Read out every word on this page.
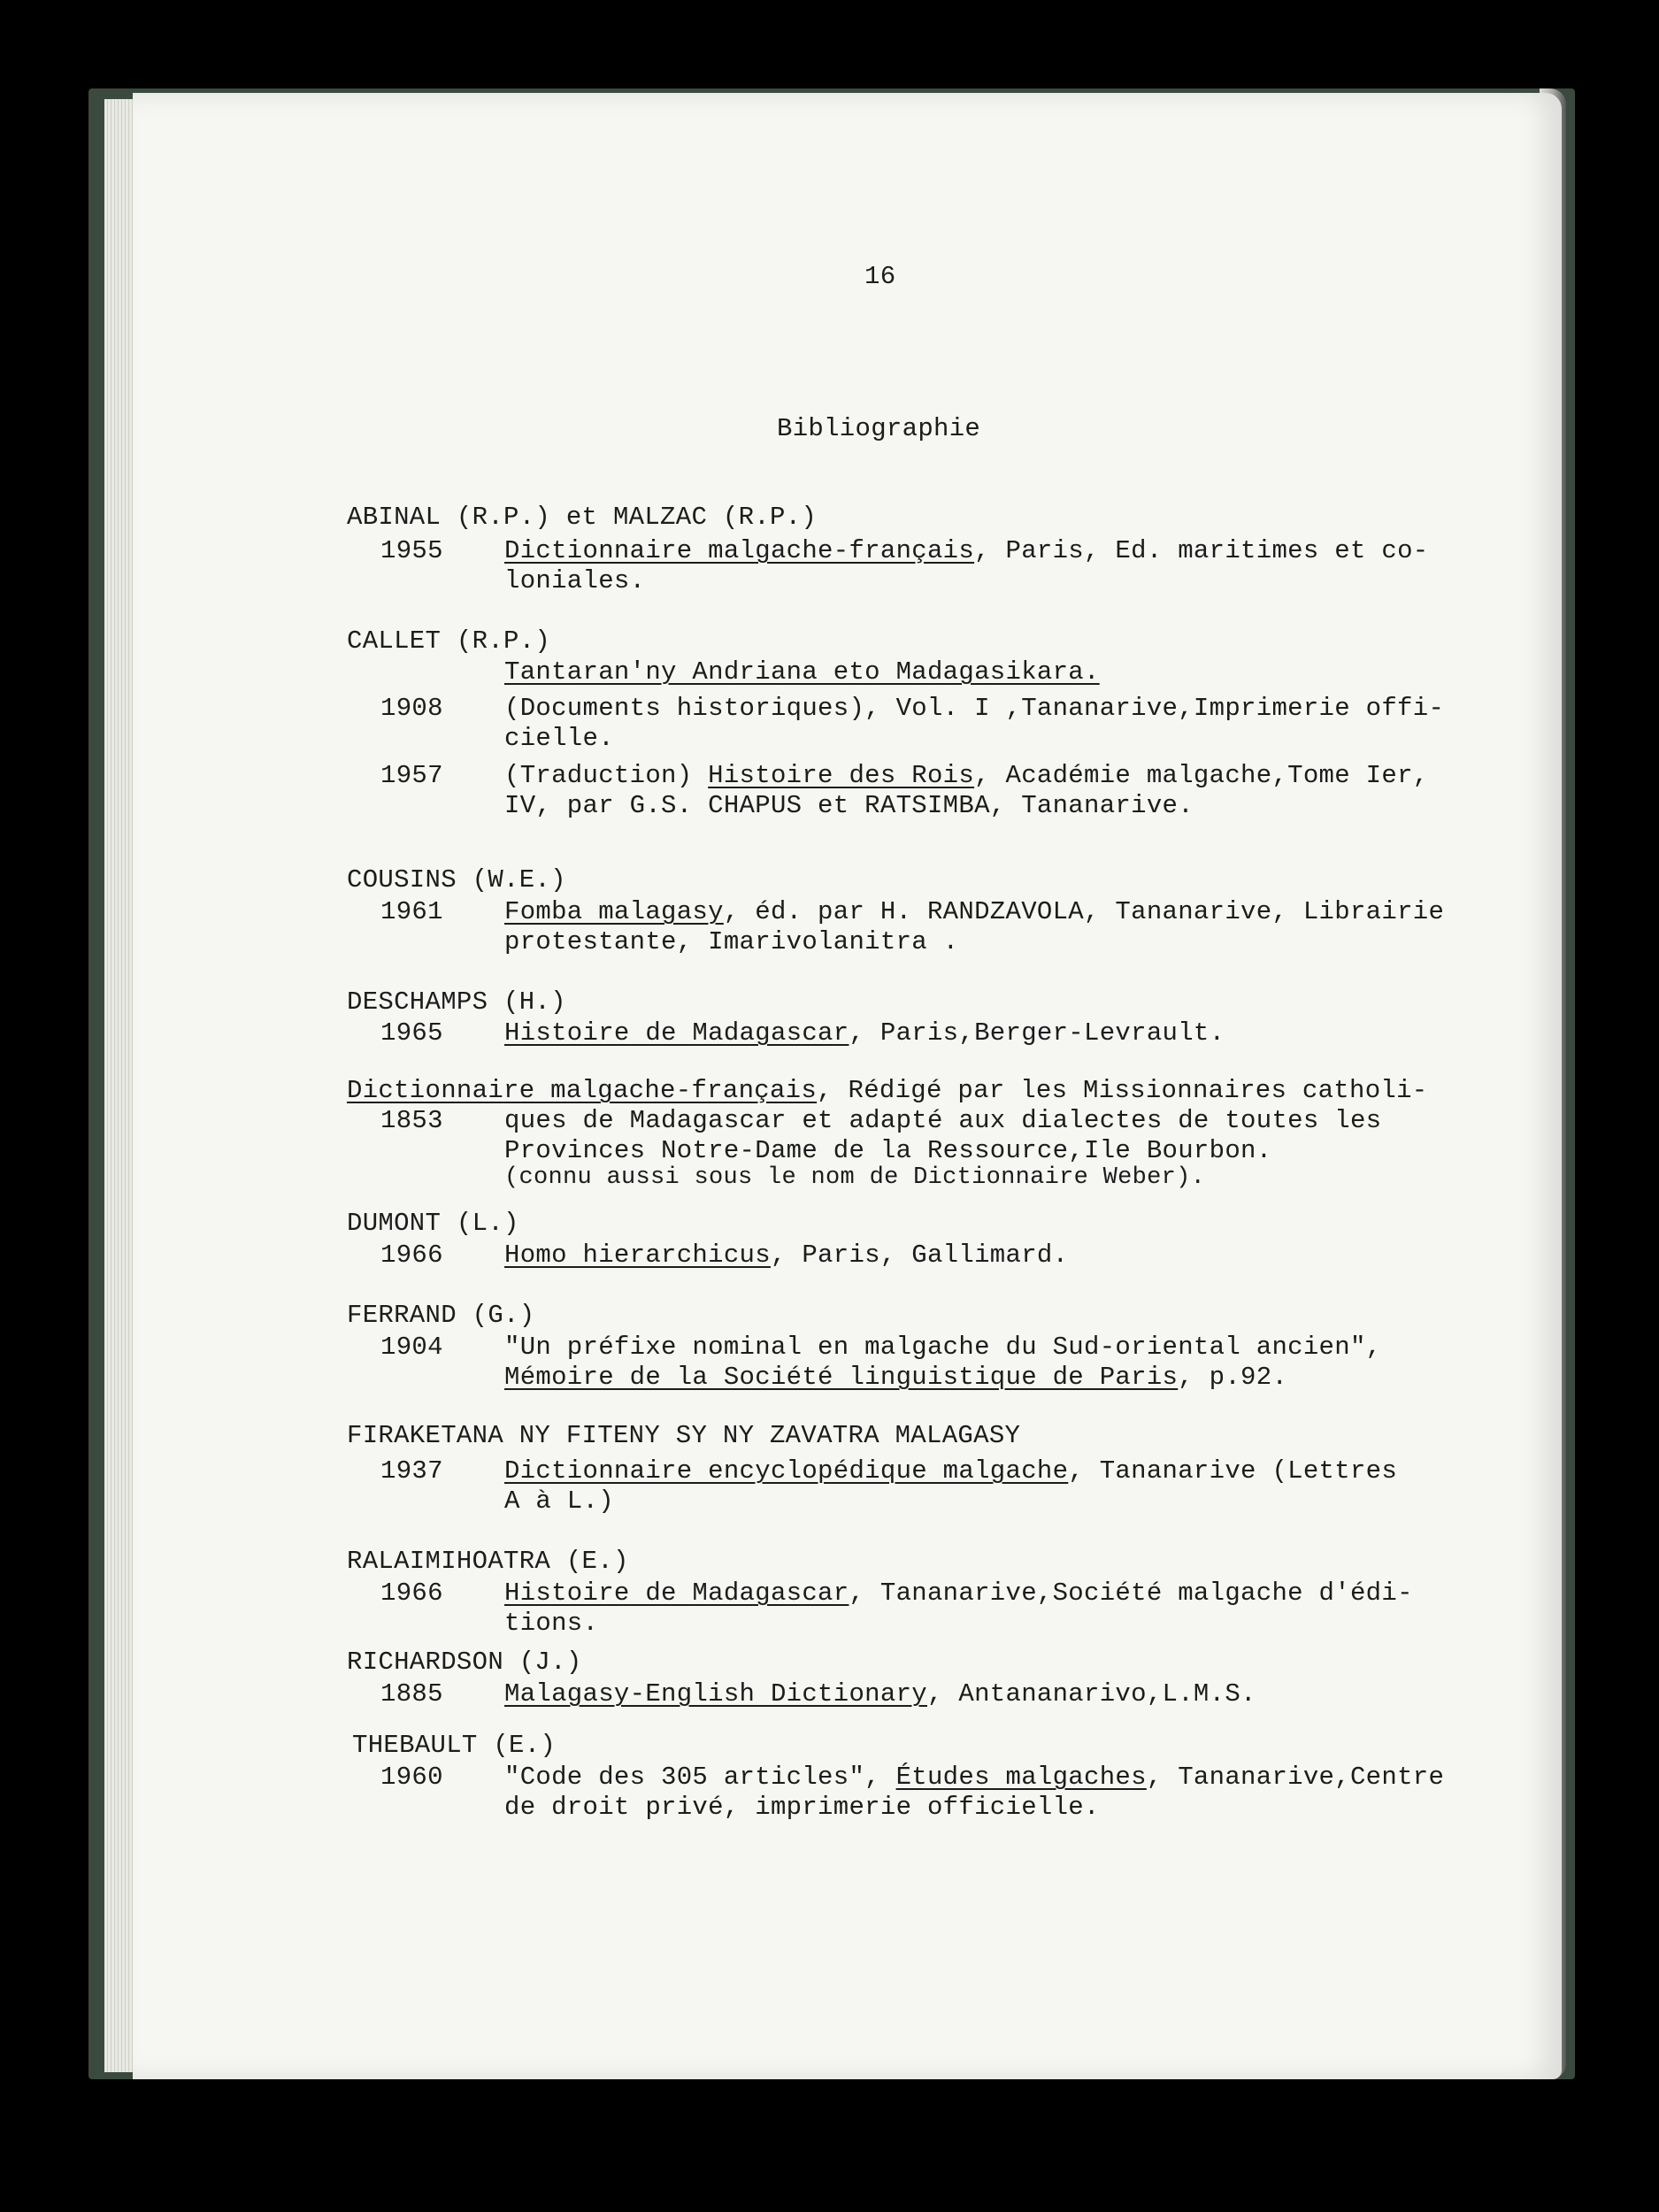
16
Bibliographie
ABINAL (R.P.) et MALZAC (R.P.)
1955 Dictionnaire malgache-français, Paris, Ed. maritimes et co-
loniales.
CALLET (R.P.)
Tantaran'ny Andriana eto Madagasikara.
1908 (Documents historiques), Vol. I ,Tananarive,Imprimerie offi-
cielle.
1957 (Traduction) Histoire des Rois, Académie malgache,Tome Ier,
IV, par G.S. CHAPUS et RATSIMBA, Tananarive.
COUSINS (W.E.)
1961 Fomba malagasy, éd. par H. RANDZAVOLA, Tananarive, Librairie
protestante, Imarivolanitra .
DESCHAMPS (H.)
1965 Histoire de Madagascar, Paris,Berger-Levrault.
Dictionnaire malgache-français, Rédigé par les Missionnaires catholi-
1853 ques de Madagascar et adapté aux dialectes de toutes les
Provinces Notre-Dame de la Ressource,Ile Bourbon.
(connu aussi sous le nom de Dictionnaire Weber).
DUMONT (L.)
1966 Homo hierarchicus, Paris, Gallimard.
FERRAND (G.)
1904 "Un préfixe nominal en malgache du Sud-oriental ancien",
Mémoire de la Société linguistique de Paris, p.92.
FIRAKETANA NY FITENY SY NY ZAVATRA MALAGASY
1937 Dictionnaire encyclopédique malgache, Tananarive (Lettres
A à L.)
RALAIMIHOATRA (E.)
1966 Histoire de Madagascar, Tananarive,Société malgache d'édi-
tions.
RICHARDSON (J.)
1885 Malagasy-English Dictionary, Antananarivo,L.M.S.
THEBAULT (E.)
1960 "Code des 305 articles", Études malgaches, Tananarive,Centre
de droit privé, imprimerie officielle.
